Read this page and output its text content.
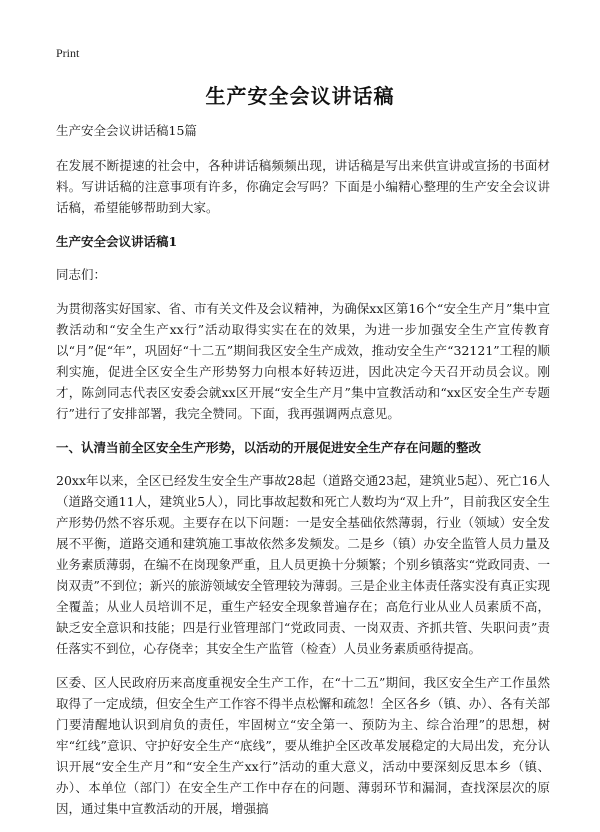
Print
生产安全会议讲话稿

生产安全会议讲话稿15篇

在发展不断提速的社会中，各种讲话稿频频出现，讲话稿是写出来供宣讲或宣扬的书面材料。写讲话稿的注意事项有许多，你确定会写吗？下面是小编精心整理的生产安全会议讲话稿，希望能够帮助到大家。

生产安全会议讲话稿1

同志们：

为贯彻落实好国家、省、市有关文件及会议精神，为确保xx区第16个“安全生产月”集中宣教活动和“安全生产xx行”活动取得实实在在的效果，为进一步加强安全生产宣传教育以“月”促“年”，巩固好“十二五”期间我区安全生产成效，推动安全生产“32121”工程的顺利实施，促进全区安全生产形势努力向根本好转迈进，因此决定今天召开动员会议。刚才，陈剑同志代表区安委会就xx区开展“安全生产月”集中宣教活动和“xx区安全生产专题行”进行了安排部署，我完全赞同。下面，我再强调两点意见。

一、认清当前全区安全生产形势，以活动的开展促进安全生产存在问题的整改

20xx年以来，全区已经发生安全生产事故28起（道路交通23起，建筑业5起）、死亡16人（道路交通11人，建筑业5人），同比事故起数和死亡人数均为“双上升”，目前我区安全生产形势仍然不容乐观。主要存在以下问题：一是安全基础依然薄弱，行业（领域）安全发展不平衡，道路交通和建筑施工事故依然多发频发。二是乡（镇）办安全监管人员力量及业务素质薄弱，在编不在岗现象严重，且人员更换十分频繁；个别乡镇落实“党政同责、一岗双责”不到位；新兴的旅游领域安全管理较为薄弱。三是企业主体责任落实没有真正实现全覆盖；从业人员培训不足，重生产轻安全现象普遍存在；高危行业从业人员素质不高，缺乏安全意识和技能；四是行业管理部门“党政同责、一岗双责、齐抓共管、失职问责”责任落实不到位，心存侥幸；其安全生产监管（检查）人员业务素质亟待提高。

区委、区人民政府历来高度重视安全生产工作，在“十二五”期间，我区安全生产工作虽然取得了一定成绩，但安全生产工作容不得半点松懈和疏忽！全区各乡（镇、办）、各有关部门要清醒地认识到肩负的责任，牢固树立“安全第一、预防为主、综合治理”的思想，树牢“红线”意识、守护好安全生产“底线”，要从维护全区改革发展稳定的大局出发，充分认识开展“安全生产月”和“安全生产xx行”活动的重大意义，活动中要深刻反思本乡（镇、办）、本单位（部门）在安全生产工作中存在的问题、薄弱环节和漏洞，查找深层次的原因，通过集中宣教活动的开展，增强搞
